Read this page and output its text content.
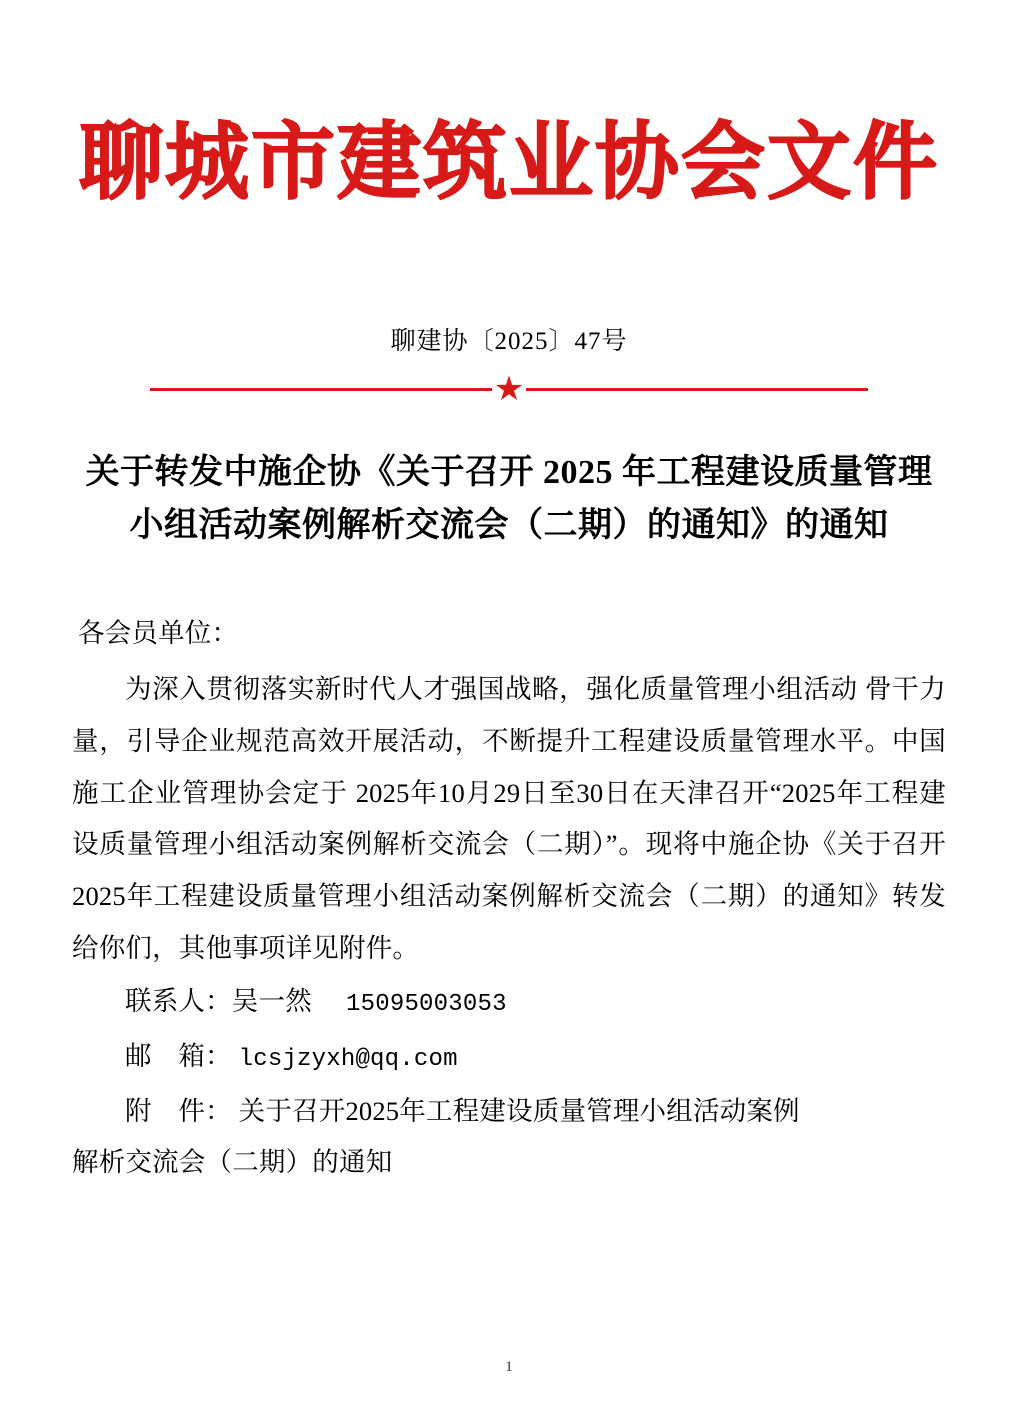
聊城市建筑业协会文件
聊建协〔2025〕47号
★
关于转发中施企协《关于召开 2025 年工程建设质量管理小组活动案例解析交流会（二期）的通知》的通知
各会员单位：
为深入贯彻落实新时代人才强国战略，强化质量管理小组活动 骨干力量，引导企业规范高效开展活动，不断提升工程建设质量管理水平。中国施工企业管理协会定于 2025年10月29日至30日在天津召开“2025年工程建设质量管理小组活动案例解析交流会（二期）”。现将中施企协《关于召开2025年工程建设质量管理小组活动案例解析交流会（二期）的通知》转发给你们，其他事项详见附件。
联系人：吴一然 15095003053
邮　箱： lcsjzyxh@qq.com
附　件： 关于召开2025年工程建设质量管理小组活动案例
解析交流会（二期）的通知
1
